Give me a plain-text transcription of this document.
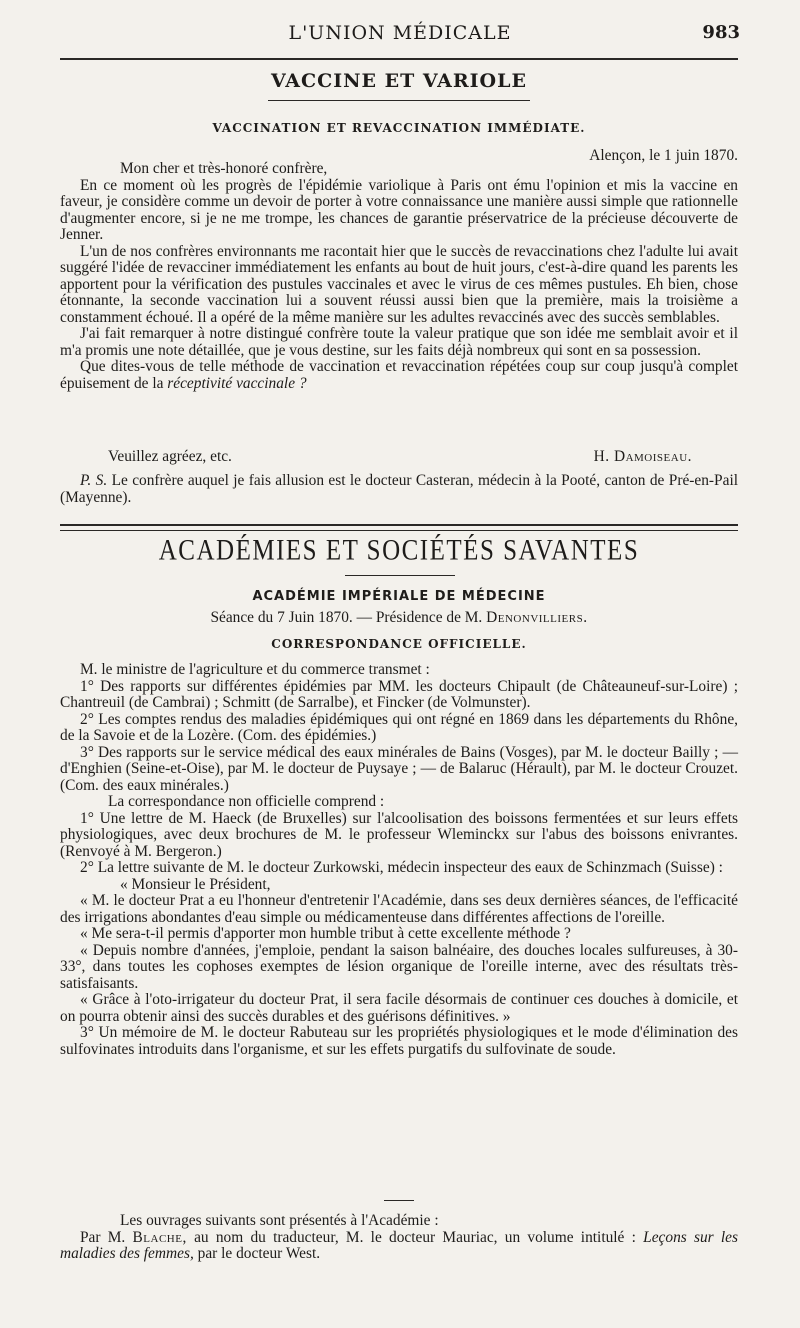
L'UNION MÉDICALE	983
VACCINE ET VARIOLE
VACCINATION ET REVACCINATION IMMÉDIATE.
Alençon, le 1 juin 1870.

Mon cher et très-honoré confrère,

En ce moment où les progrès de l'épidémie variolique à Paris ont ému l'opinion et mis la vaccine en faveur, je considère comme un devoir de porter à votre connaissance une manière aussi simple que rationnelle d'augmenter encore, si je ne me trompe, les chances de garantie préservatrice de la précieuse découverte de Jenner.

L'un de nos confrères environnants me racontait hier que le succès de revaccinations chez l'adulte lui avait suggéré l'idée de revacciner immédiatement les enfants au bout de huit jours, c'est-à-dire quand les parents les apportent pour la vérification des pustules vaccinales et avec le virus de ces mêmes pustules. Eh bien, chose étonnante, la seconde vaccination lui a souvent réussi aussi bien que la première, mais la troisième a constamment échoué. Il a opéré de la même manière sur les adultes revaccinés avec des succès semblables.

J'ai fait remarquer à notre distingué confrère toute la valeur pratique que son idée me semblait avoir et il m'a promis une note détaillée, que je vous destine, sur les faits déjà nombreux qui sont en sa possession.

Que dites-vous de telle méthode de vaccination et revaccination répétées coup sur coup jusqu'à complet épuisement de la réceptivité vaccinale ?

Veuillez agréez, etc.	H. Damoiseau.

P. S. Le confrère auquel je fais allusion est le docteur Casteran, médecin à la Pooté, canton de Pré-en-Pail (Mayenne).

ACADÉMIES ET SOCIÉTÉS SAVANTES
ACADÉMIE IMPÉRIALE DE MÉDECINE
Séance du 7 Juin 1870. — Présidence de M. Denonvilliers.
CORRESPONDANCE OFFICIELLE.

M. le ministre de l'agriculture et du commerce transmet :

1° Des rapports sur différentes épidémies par MM. les docteurs Chipault (de Châteauneuf-sur-Loire) ; Chantreuil (de Cambrai) ; Schmitt (de Sarralbe), et Fincker (de Volmunster).

2° Les comptes rendus des maladies épidémiques qui ont régné en 1869 dans les départements du Rhône, de la Savoie et de la Lozère. (Com. des épidémies.)

3° Des rapports sur le service médical des eaux minérales de Bains (Vosges), par M. le docteur Bailly ; — d'Enghien (Seine-et-Oise), par M. le docteur de Puysaye ; — de Balaruc (Hérault), par M. le docteur Crouzet. (Com. des eaux minérales.)

La correspondance non officielle comprend :

1° Une lettre de M. Haeck (de Bruxelles) sur l'alcoolisation des boissons fermentées et sur leurs effets physiologiques, avec deux brochures de M. le professeur Wleminckx sur l'abus des boissons enivrantes. (Renvoyé à M. Bergeron.)

2° La lettre suivante de M. le docteur Zurkowski, médecin inspecteur des eaux de Schinzmach (Suisse) :

« Monsieur le Président,

« M. le docteur Prat a eu l'honneur d'entretenir l'Académie, dans ses deux dernières séances, de l'efficacité des irrigations abondantes d'eau simple ou médicamenteuse dans différentes affections de l'oreille.

« Me sera-t-il permis d'apporter mon humble tribut à cette excellente méthode ?

« Depuis nombre d'années, j'emploie, pendant la saison balnéaire, des douches locales sulfureuses, à 30-33°, dans toutes les cophoses exemptes de lésion organique de l'oreille interne, avec des résultats très-satisfaisants.

« Grâce à l'oto-irrigateur du docteur Prat, il sera facile désormais de continuer ces douches à domicile, et on pourra obtenir ainsi des succès durables et des guérisons définitives. »

3° Un mémoire de M. le docteur Rabuteau sur les propriétés physiologiques et le mode d'élimination des sulfovinates introduits dans l'organisme, et sur les effets purgatifs du sulfovinate de soude.

Les ouvrages suivants sont présentés à l'Académie :

Par M. Blache, au nom du traducteur, M. le docteur Mauriac, un volume intitulé : Leçons sur les maladies des femmes, par le docteur West.
